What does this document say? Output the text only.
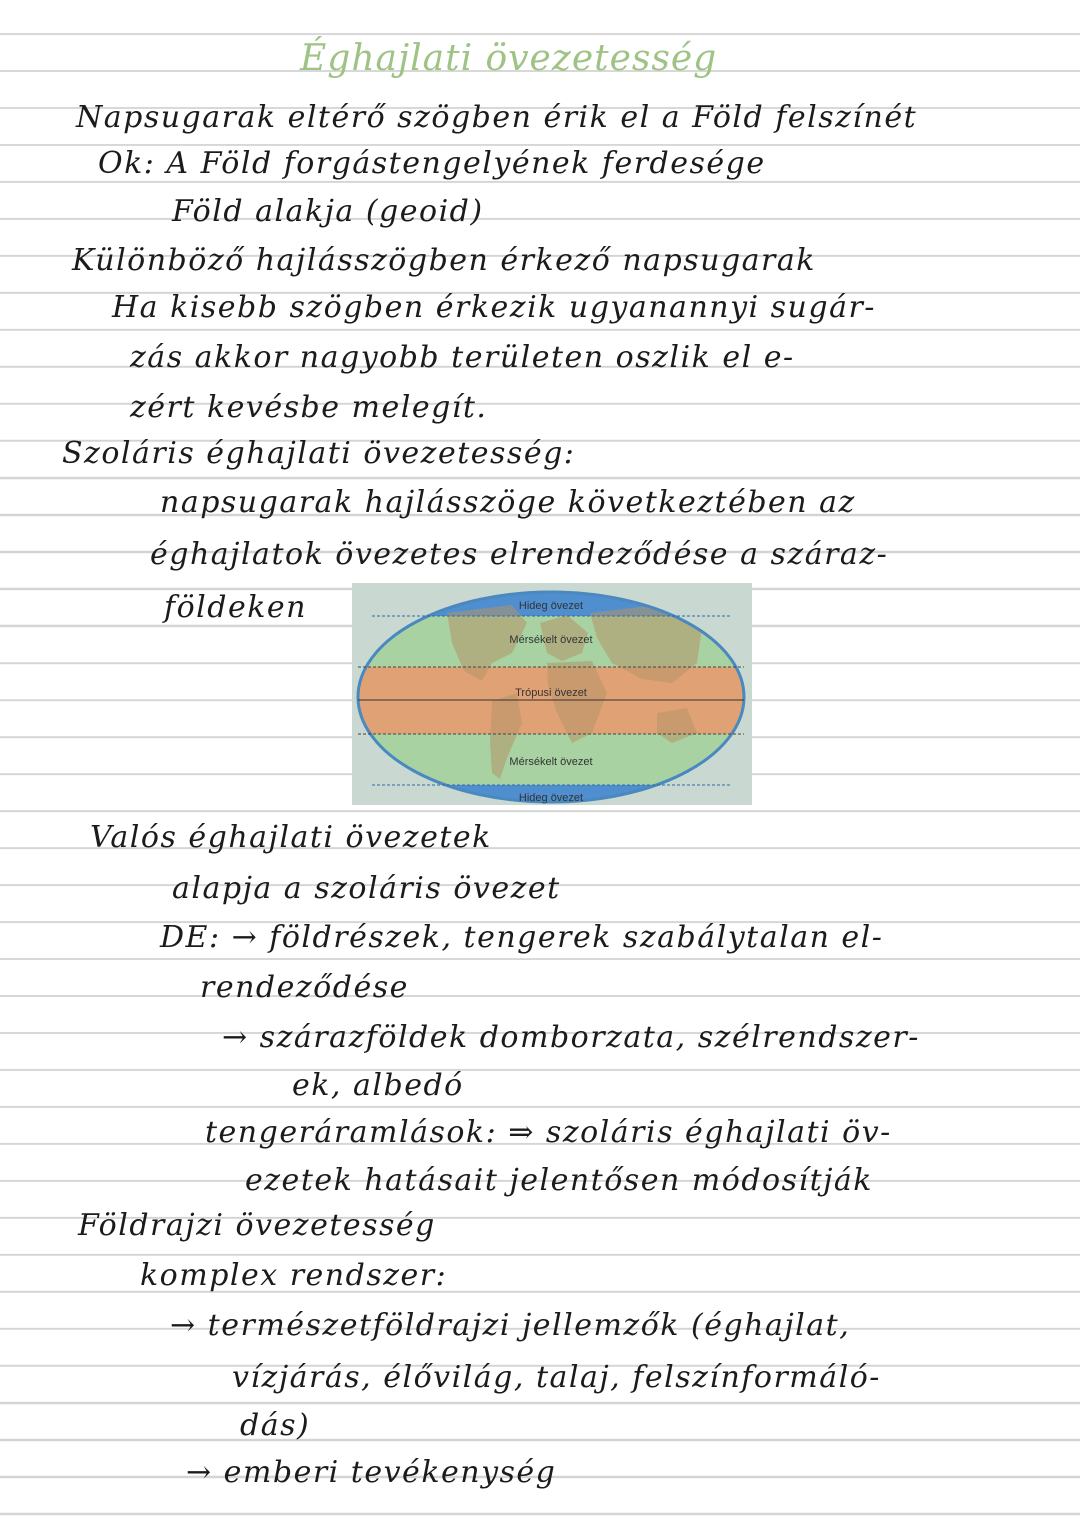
Éghajlati övezetesség
Napsugarak eltérő szögben érik el a Föld felszínét
Ok: A Föld forgástengelyének ferdesége
Föld alakja (geoid)
Különböző hajlásszögben érkező napsugarak
Ha kisebb szögben érkezik ugyanannyi sugár-
zás akkor nagyobb területen oszlik el e-
zért kevésbe melegít.
Szoláris éghajlati övezetesség:
napsugarak hajlásszöge következtében az
éghajlatok övezetes elrendeződése a száraz-
földeken	Hideg övezet
Mérsékelt övezet
Trópusi övezet
Mérsékelt övezet
Hideg övezet
Valós éghajlati övezetek
alapja a szoláris övezet
DE: → földrészek, tengerek szabálytalan el-
rendeződése
→ szárazföldek domborzata, szélrendszer-
ek, albedó
tengeráramlások: ⇒ szoláris éghajlati öv-
ezetek hatásait jelentősen módosítják
Földrajzi övezetesség
komplex rendszer:
→ természetföldrajzi jellemzők (éghajlat,
vízjárás, élővilág, talaj, felszínformáló-
dás)
→ emberi tevékenység
